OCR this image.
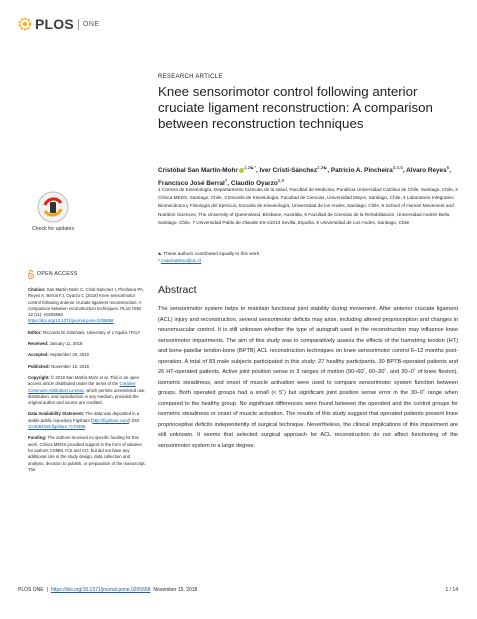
PLOS ONE
RESEARCH ARTICLE
Knee sensorimotor control following anterior cruciate ligament reconstruction: A comparison between reconstruction techniques
Cristóbal San Martín-Mohr $^{1,2☯*}$, Iver Cristi-Sánchez$^{2,3☯}$, Patricio A. Pincheira$^{3,4,5}$, Alvaro Reyes$^6$, Francisco José Berral$^7$, Claudio Oyarzo$^{2,8}$
1 Carrera de Kinesiología, Departamento Ciencias de la salud, Facultad de Medicina, Pontificia Universidad Católica de Chile, Santiago, Chile, 2 Clínica MEDS, Santiago, Chile, 3 Escuela de Kinesiología, Facultad de Ciencias, Universidad Mayor, Santiago, Chile, 4 Laboratorio Integrativo Biomecánica y Fisiología del Ejercicio, Escuela de Kinesiología, Universidad de los Andes, Santiago, Chile, 5 School of Human Movement and Nutrition Sciences, The University of Queensland, Brisbane, Australia, 6 Facultad de Ciencias de la Rehabilitación, Universidad Andrés Bello, Santiago, Chile, 7 Universidad Pablo de Olavide ES-41013 Sevilla, España, 8 Universidad de Los Andes, Santiago, Chile
☯ These authors contributed equally to this work.
* csanmartino@uc.cl
Abstract

The sensorimotor system helps to maintain functional joint stability during movement. After anterior cruciate ligament (ACL) injury and reconstruction, several sensorimotor deficits may arise, including altered proprioception and changes in neuromuscular control. It is still unknown whether the type of autograft used in the reconstruction may influence knee sensorimotor impairments. The aim of this study was to comparatively assess the effects of the hamstring tendon (HT) and bone-patellar tendon-bone (BPTB) ACL reconstruction techniques on knee sensorimotor control 6–12 months post-operation. A total of 83 male subjects participated in this study: 27 healthy participants, 30 BPTB-operated patients and 26 HT-operated patients. Active joint position sense in 3 ranges of motion (90–60˚, 60–30˚, and 30–0˚ of knee flexion), isometric steadiness, and onset of muscle activation were used to compare sensorimotor system function between groups. Both operated groups had a small (< 5˚) but significant joint position sense error in the 30–0˚ range when compared to the healthy group. No significant differences were found between the operated and the control groups for isometric steadiness or onset of muscle activation. The results of this study suggest that operated patients present knee proprioceptive deficits independently of surgical technique. Nevertheless, the clinical implications of this impairment are still unknown. It seems that selected surgical approach for ACL reconstruction do not affect functioning of the sensorimotor system to a large degree.

Check for updates
OPEN ACCESS
Citation: San Martín-Mohr C, Cristi-Sánchez I, Pincheira PA, Reyes A, Berral FJ, Oyarzo C (2018) Knee sensorimotor control following anterior cruciate ligament reconstruction: A comparison between reconstruction techniques. PLoS ONE 13 (11): e0205658. https://doi.org/10.1371/journal.pone.0205658
Editor: Riccardo Di Giminiani, University of L'Aquila, ITALY
Received: January 11, 2018
Accepted: September 29, 2018
Published: November 15, 2018
Copyright: © 2018 San Martín-Mohr et al. This is an open access article distributed under the terms of the Creative Commons Attribution License, which permits unrestricted use, distribution, and reproduction in any medium, provided the original author and source are credited.
Data Availability Statement: The data was deposited in a stable public repository Figshare (http://figshare.com/) DOI 10.6084/m9.figshare.7170389.
Funding: The authors received no specific funding for this work. Clínica MEDS provided support in the form of salaries for authors CSMM, ICS and CO, but did not have any additional role in the study design, data collection and analysis, decision to publish, or preparation of the manuscript. The
PLOS ONE | https://doi.org/10.1371/journal.pone.0205658 November 15, 2018	1 / 14
